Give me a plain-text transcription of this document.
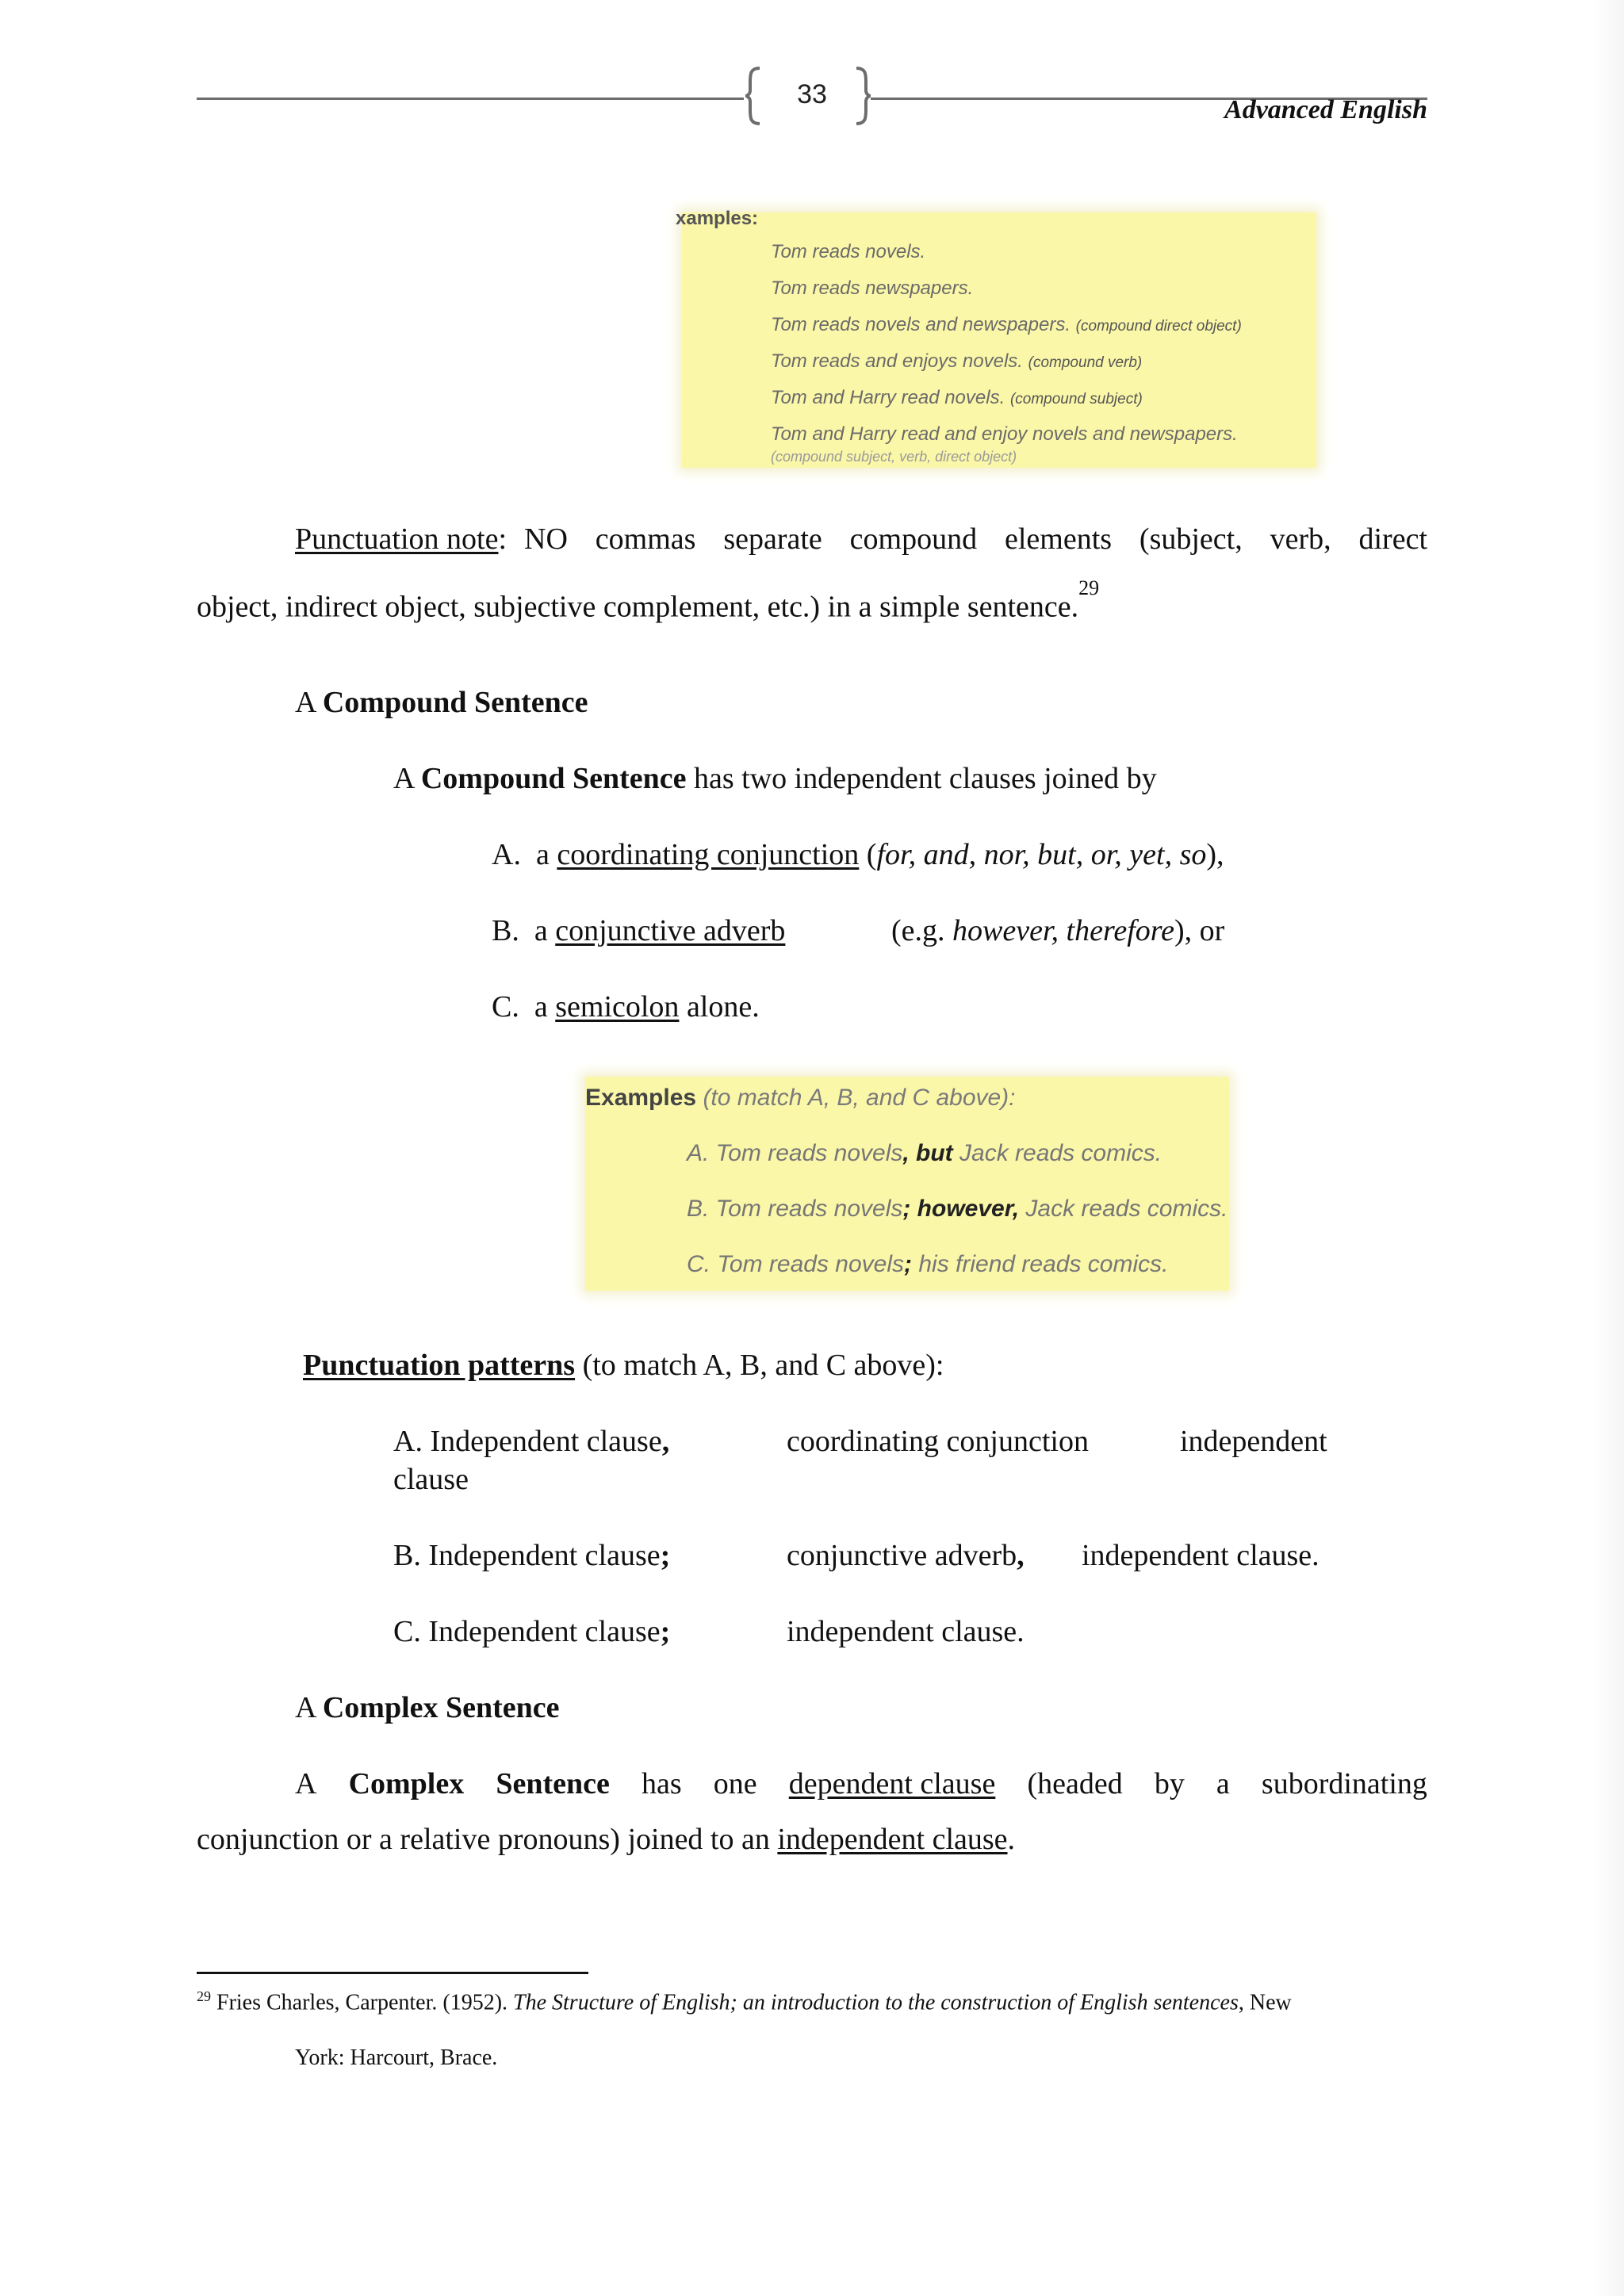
33
Advanced English
xamples:
Tom reads novels.
Tom reads newspapers.
Tom reads novels and newspapers. (compound direct object)
Tom reads and enjoys novels. (compound verb)
Tom and Harry read novels. (compound subject)
Tom and Harry read and enjoy novels and newspapers.
(compound subject, verb, direct object)
Punctuation note: NO commas separate compound elements (subject, verb, direct
object, indirect object, subjective complement, etc.) in a simple sentence.$^{29}$
A Compound Sentence
A Compound Sentence has two independent clauses joined by
A. a coordinating conjunction (for, and, nor, but, or, yet, so),
B. a conjunctive adverb	(e.g. however, therefore), or
C. a semicolon alone.
Examples (to match A, B, and C above):
A. Tom reads novels, but Jack reads comics.
B. Tom reads novels; however, Jack reads comics.
C. Tom reads novels; his friend reads comics.
Punctuation patterns (to match A, B, and C above):
A. Independent clause,	coordinating conjunction	independent
clause
B. Independent clause;	conjunctive adverb, independent clause.
C. Independent clause;	independent clause.
A Complex Sentence
A Complex Sentence has one dependent clause (headed by a subordinating
conjunction or a relative pronouns) joined to an independent clause.
$^{29}$ Fries Charles, Carpenter. (1952). The Structure of English; an introduction to the construction of English sentences, New
York: Harcourt, Brace.
